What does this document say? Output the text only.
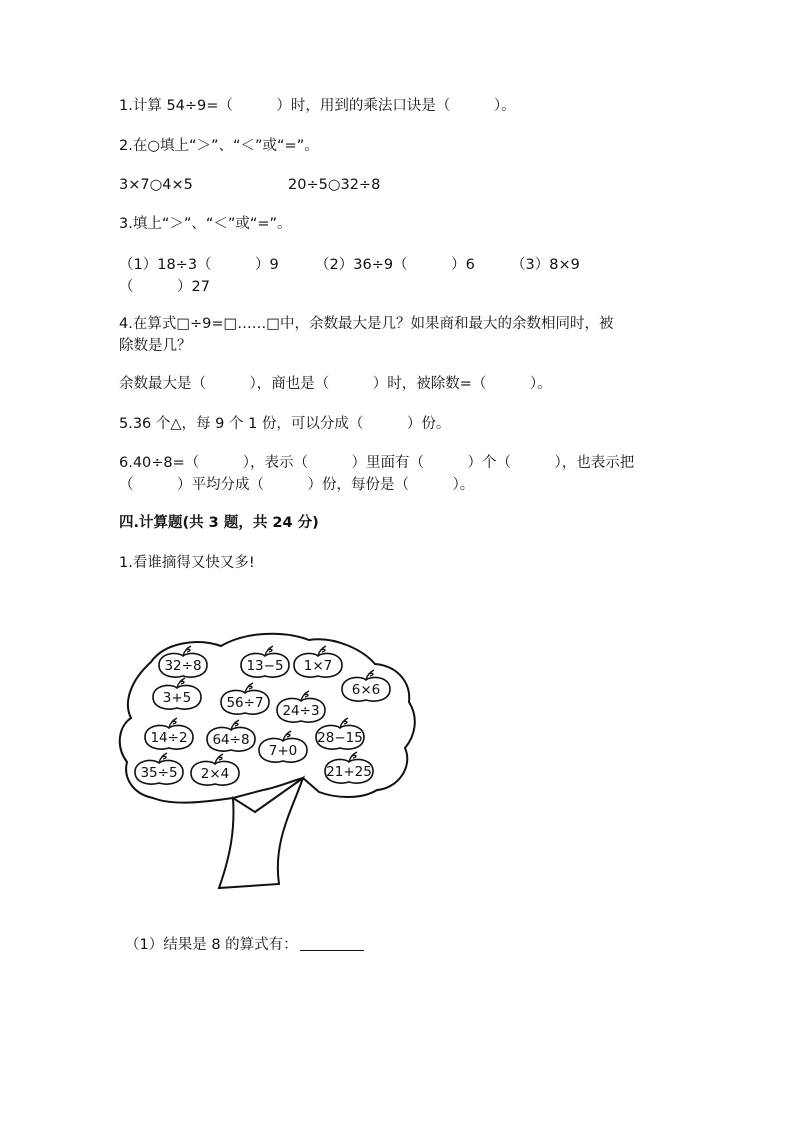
1.计算 54÷9=（　　　）时，用到的乘法口诀是（　　　）。
2.在○填上“＞”、“＜”或“=”。
3×7○4×5	20÷5○32÷8
3.填上“＞”、“＜”或“=”。
（1）18÷3（　　　）9　　　（2）36÷9（　　　）6　　　（3）8×9
（　　　）27
4.在算式□÷9=□……□中，余数最大是几？如果商和最大的余数相同时，被
除数是几？
余数最大是（　　　），商也是（　　　）时，被除数=（　　　）。
5.36 个△，每 9 个 1 份，可以分成（　　　）份。
6.40÷8=（　　　），表示（　　　）里面有（　　　）个（　　　），也表示把
（　　　）平均分成（　　　）份，每份是（　　　）。
四.计算题(共 3 题，共 24 分)
1.看谁摘得又快又多!
32÷8	13−5 1×7
6×6
3+5	56÷7 24÷3
14÷2 64÷8	28−15
7+0
35÷5 2×4	21+25
（1）结果是 8 的算式有：
